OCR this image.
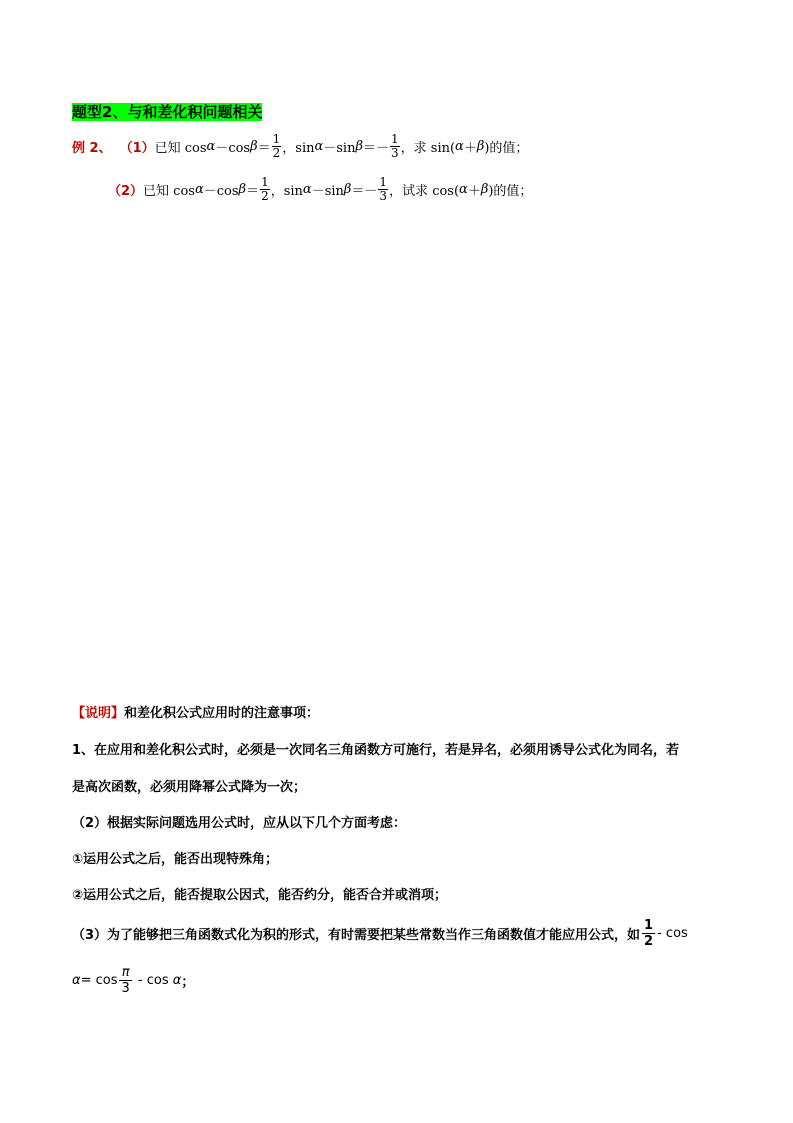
题型2、与和差化积问题相关
例 2、 （1） 已知 cos α －cos $\beta = \frac{1}{2}$ ，sin α －sin $\beta =- \frac{1}{3}$ ，求 sin( α ＋ β )的值；
（2） 已知 cos α －cos $\beta = \frac{1}{2}$ ，sin α －sin $\beta =- \frac{1}{3}$ ，试求 cos( α ＋ β )的值；
【说明】和差化积公式应用时的注意事项：
1、在应用和差化积公式时，必须是一次同名三角函数方可施行，若是异名，必须用诱导公式化为同名，若
是高次函数，必须用降幂公式降为一次；
（2）根据实际问题选用公式时，应从以下几个方面考虑：
①运用公式之后，能否出现特殊角；
②运用公式之后，能否提取公因式，能否约分，能否合并或消项；
（3）为了能够把三角函数式化为积的形式，有时需要把某些常数当作三角函数值才能应用公式，如 $\frac{1}{2}$ - cos
$\alpha = \cos \frac{\pi}{3} - \cos \alpha$ ；
